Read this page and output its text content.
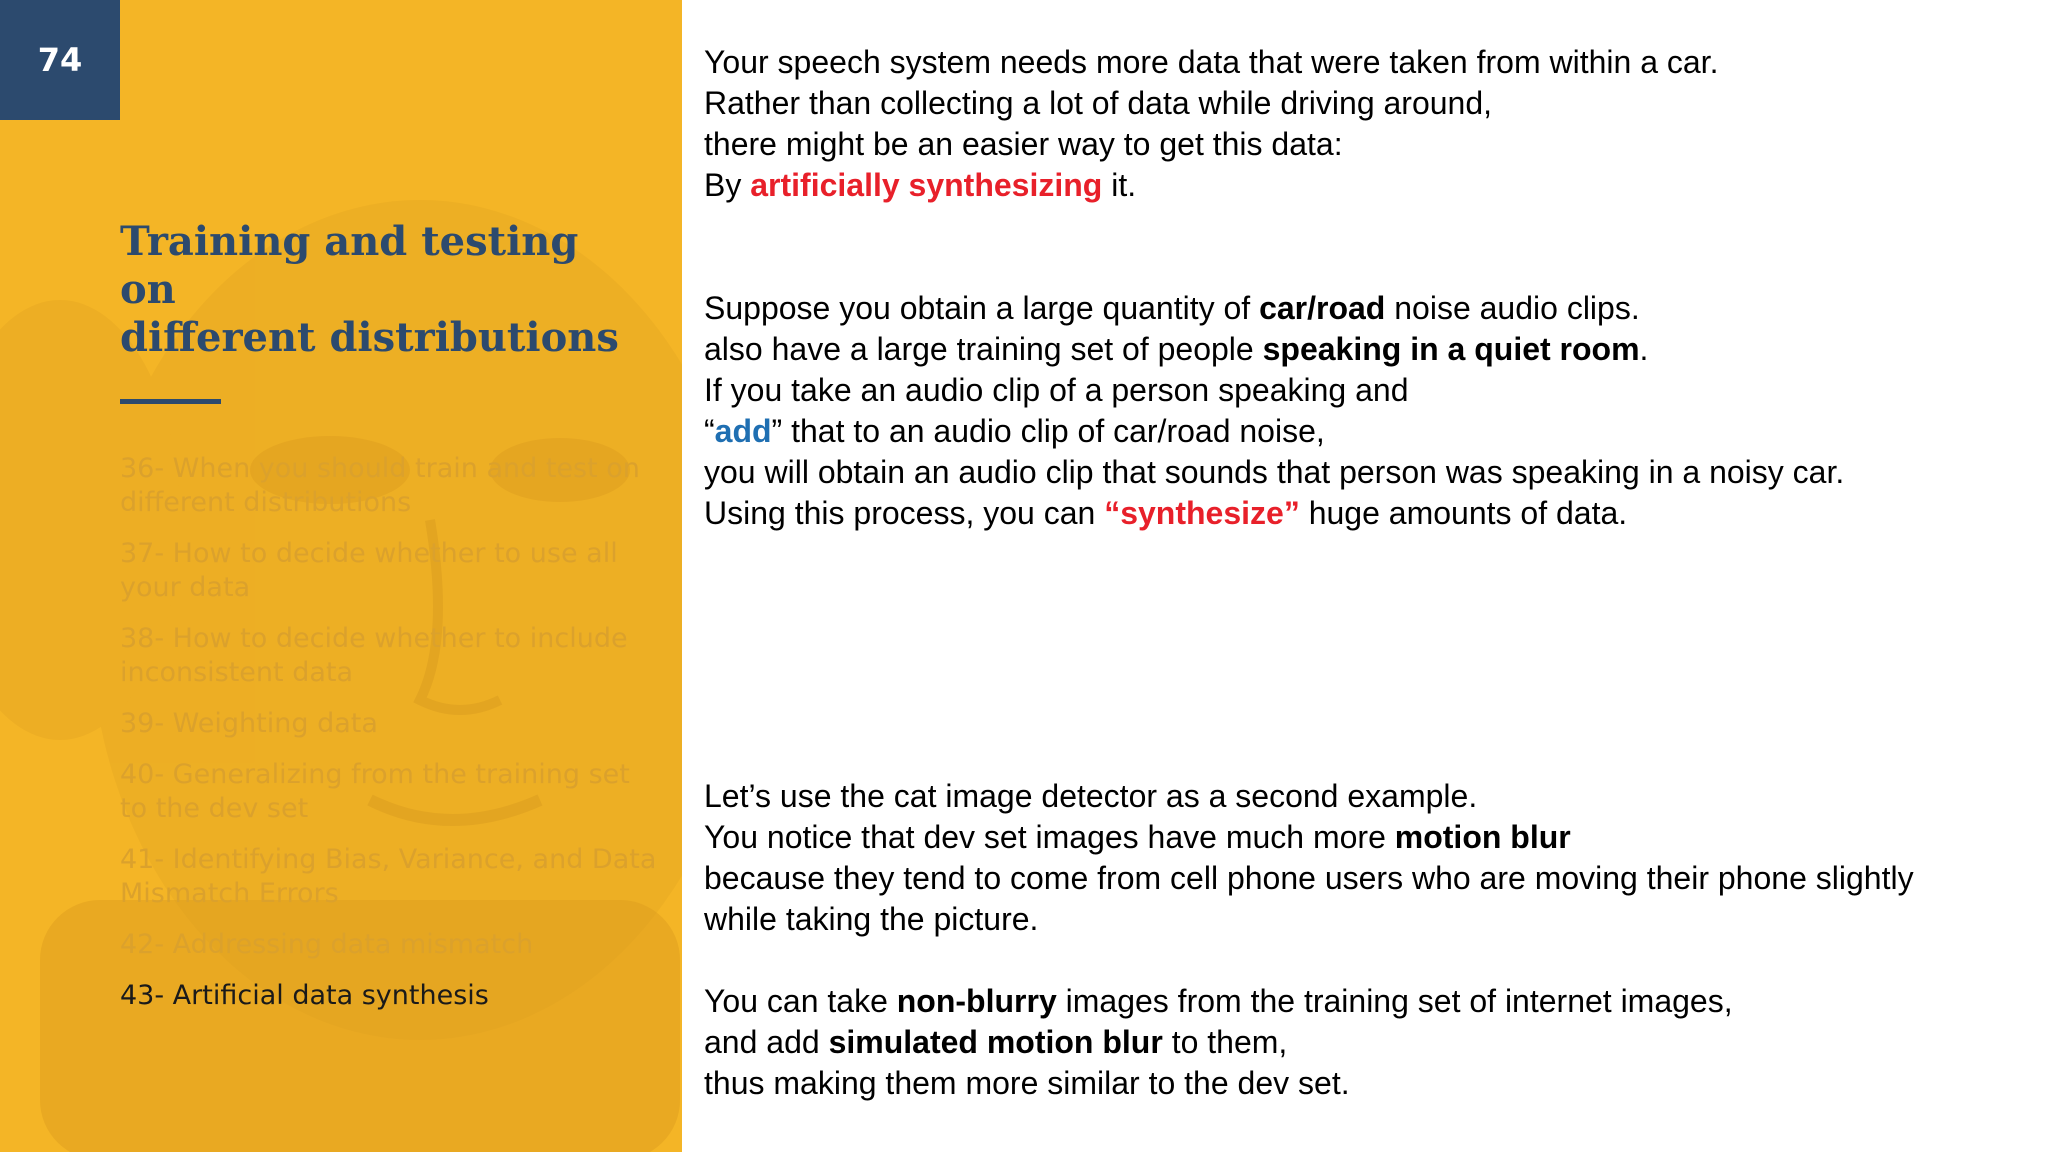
74
Training and testing
on
different distributions
36- When you should train and test on different distributions
37- How to decide whether to use all your data
38- How to decide whether to include inconsistent data
39- Weighting data
40- Generalizing from the training set to the dev set
41- Identifying Bias, Variance, and Data Mismatch Errors
42- Addressing data mismatch
43- Artificial data synthesis
Your speech system needs more data that were taken from within a car.
Rather than collecting a lot of data while driving around,
there might be an easier way to get this data:
By artificially synthesizing it.
Suppose you obtain a large quantity of car/road noise audio clips.
also have a large training set of people speaking in a quiet room.
If you take an audio clip of a person speaking and
“add” that to an audio clip of car/road noise,
you will obtain an audio clip that sounds that person was speaking in a noisy car.
Using this process, you can “synthesize” huge amounts of data.
Let’s use the cat image detector as a second example.
You notice that dev set images have much more motion blur
because they tend to come from cell phone users who are moving their phone slightly
while taking the picture.
You can take non-blurry images from the training set of internet images,
and add simulated motion blur to them,
thus making them more similar to the dev set.
